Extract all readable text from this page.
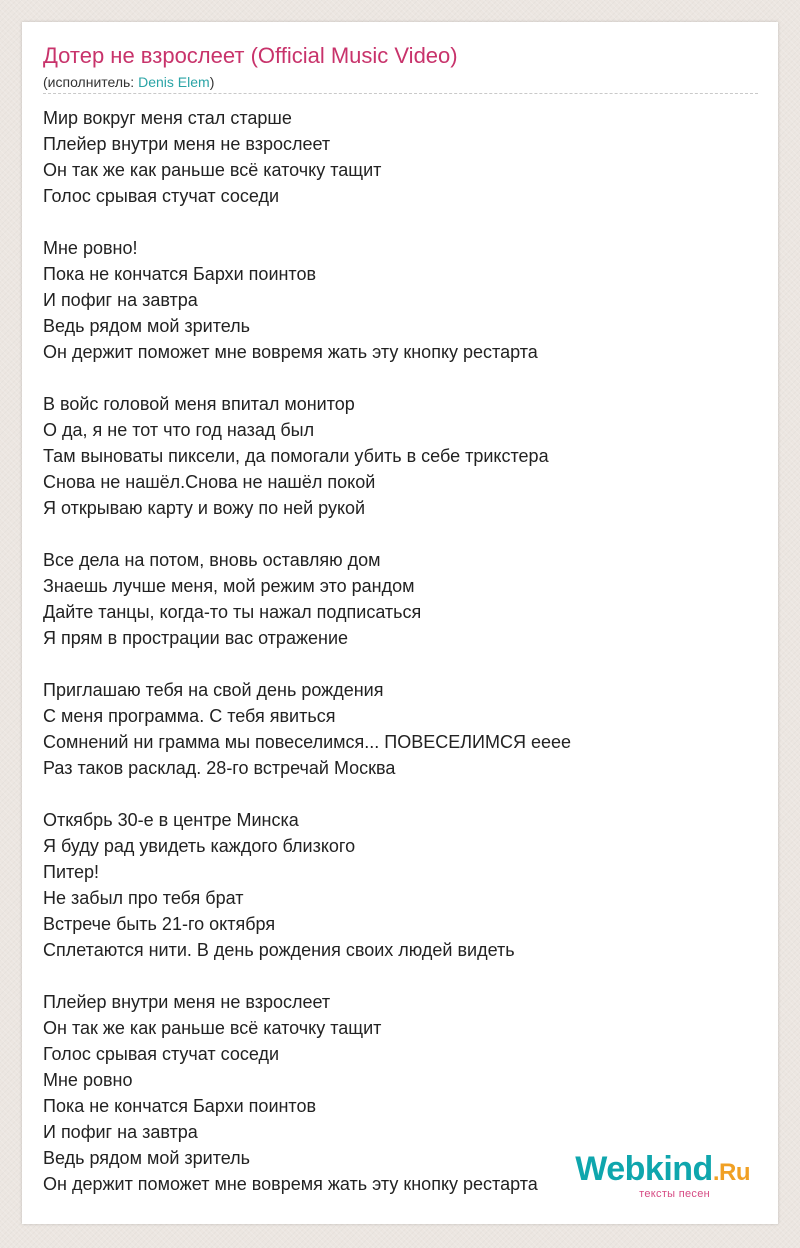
Дотер не взрослеет (Official Music Video)
(исполнитель: Denis Elem)
Мир вокруг меня стал старше
Плейер внутри меня не взрослеет
Он так же как раньше всё каточку тащит
Голос срывая стучат соседи
Мне ровно!
Пока не кончатся Бархи поинтов
И пофиг на завтра
Ведь рядом мой зритель
Он держит поможет мне вовремя жать эту кнопку рестарта
В войс головой меня впитал монитор
О да, я не тот что год назад был
Там выноваты пиксели, да помогали убить в себе трикстера
Снова не нашёл.Снова не нашёл покой
Я открываю карту и вожу по ней рукой
Все дела на потом, вновь оставляю дом
Знаешь лучше меня, мой режим это рандом
Дайте танцы, когда-то ты нажал подписаться
Я прям в прострации вас отражение
Приглашаю тебя на свой день рождения
С меня программа. С тебя явиться
Сомнений ни грамма мы повеселимся... ПОВЕСЕЛИМСЯ ееее
Раз таков расклад. 28-го встречай Москва
Откябрь 30-е в центре Минска
Я буду рад увидеть каждого близкого
Питер!
Не забыл про тебя брат
Встрече быть 21-го октября
Сплетаются нити. В день рождения своих людей видеть
Плейер внутри меня не взрослеет
Он так же как раньше всё каточку тащит
Голос срывая стучат соседи
Мне ровно
Пока не кончатся Бархи поинтов
И пофиг на завтра
Ведь рядом мой зритель
Он держит поможет мне вовремя жать эту кнопку рестарта	Webkind.Ru
тексты песен
